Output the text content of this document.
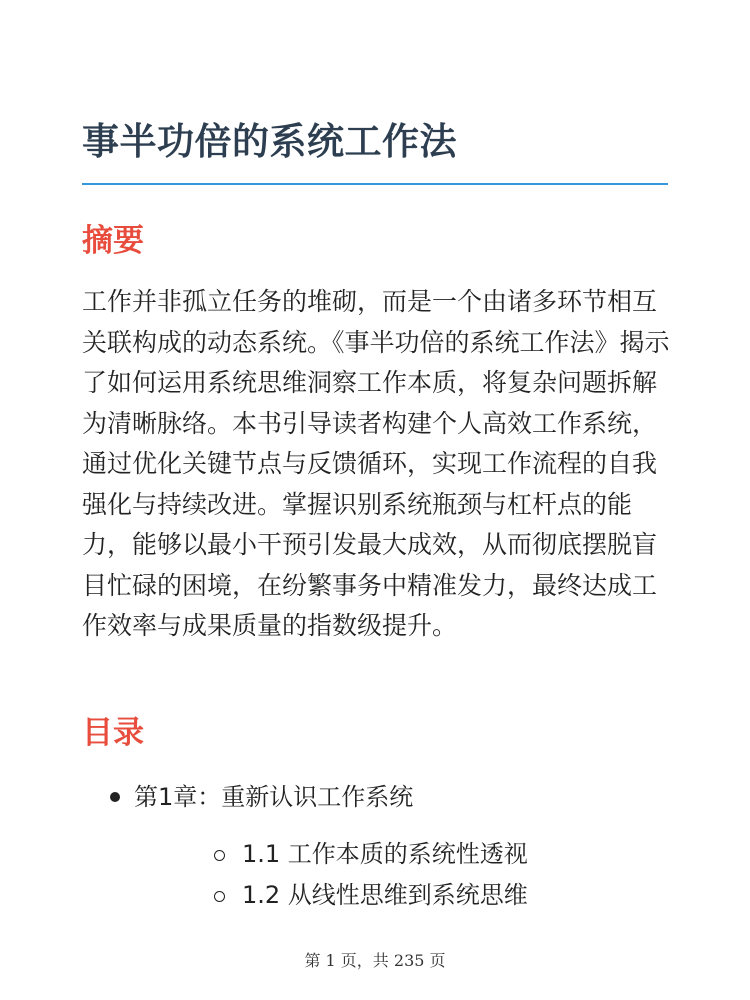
事半功倍的系统工作法
摘要

工作并非孤立任务的堆砌，而是一个由诸多环节相互关联构成的动态系统。《事半功倍的系统工作法》揭示了如何运用系统思维洞察工作本质，将复杂问题拆解为清晰脉络。本书引导读者构建个人高效工作系统，通过优化关键节点与反馈循环，实现工作流程的自我强化与持续改进。掌握识别系统瓶颈与杠杆点的能力，能够以最小干预引发最大成效，从而彻底摆脱盲目忙碌的困境，在纷繁事务中精准发力，最终达成工作效率与成果质量的指数级提升。

目录
第1章：重新认识工作系统
1.1 工作本质的系统性透视
1.2 从线性思维到系统思维
第 1 页，共 235 页
